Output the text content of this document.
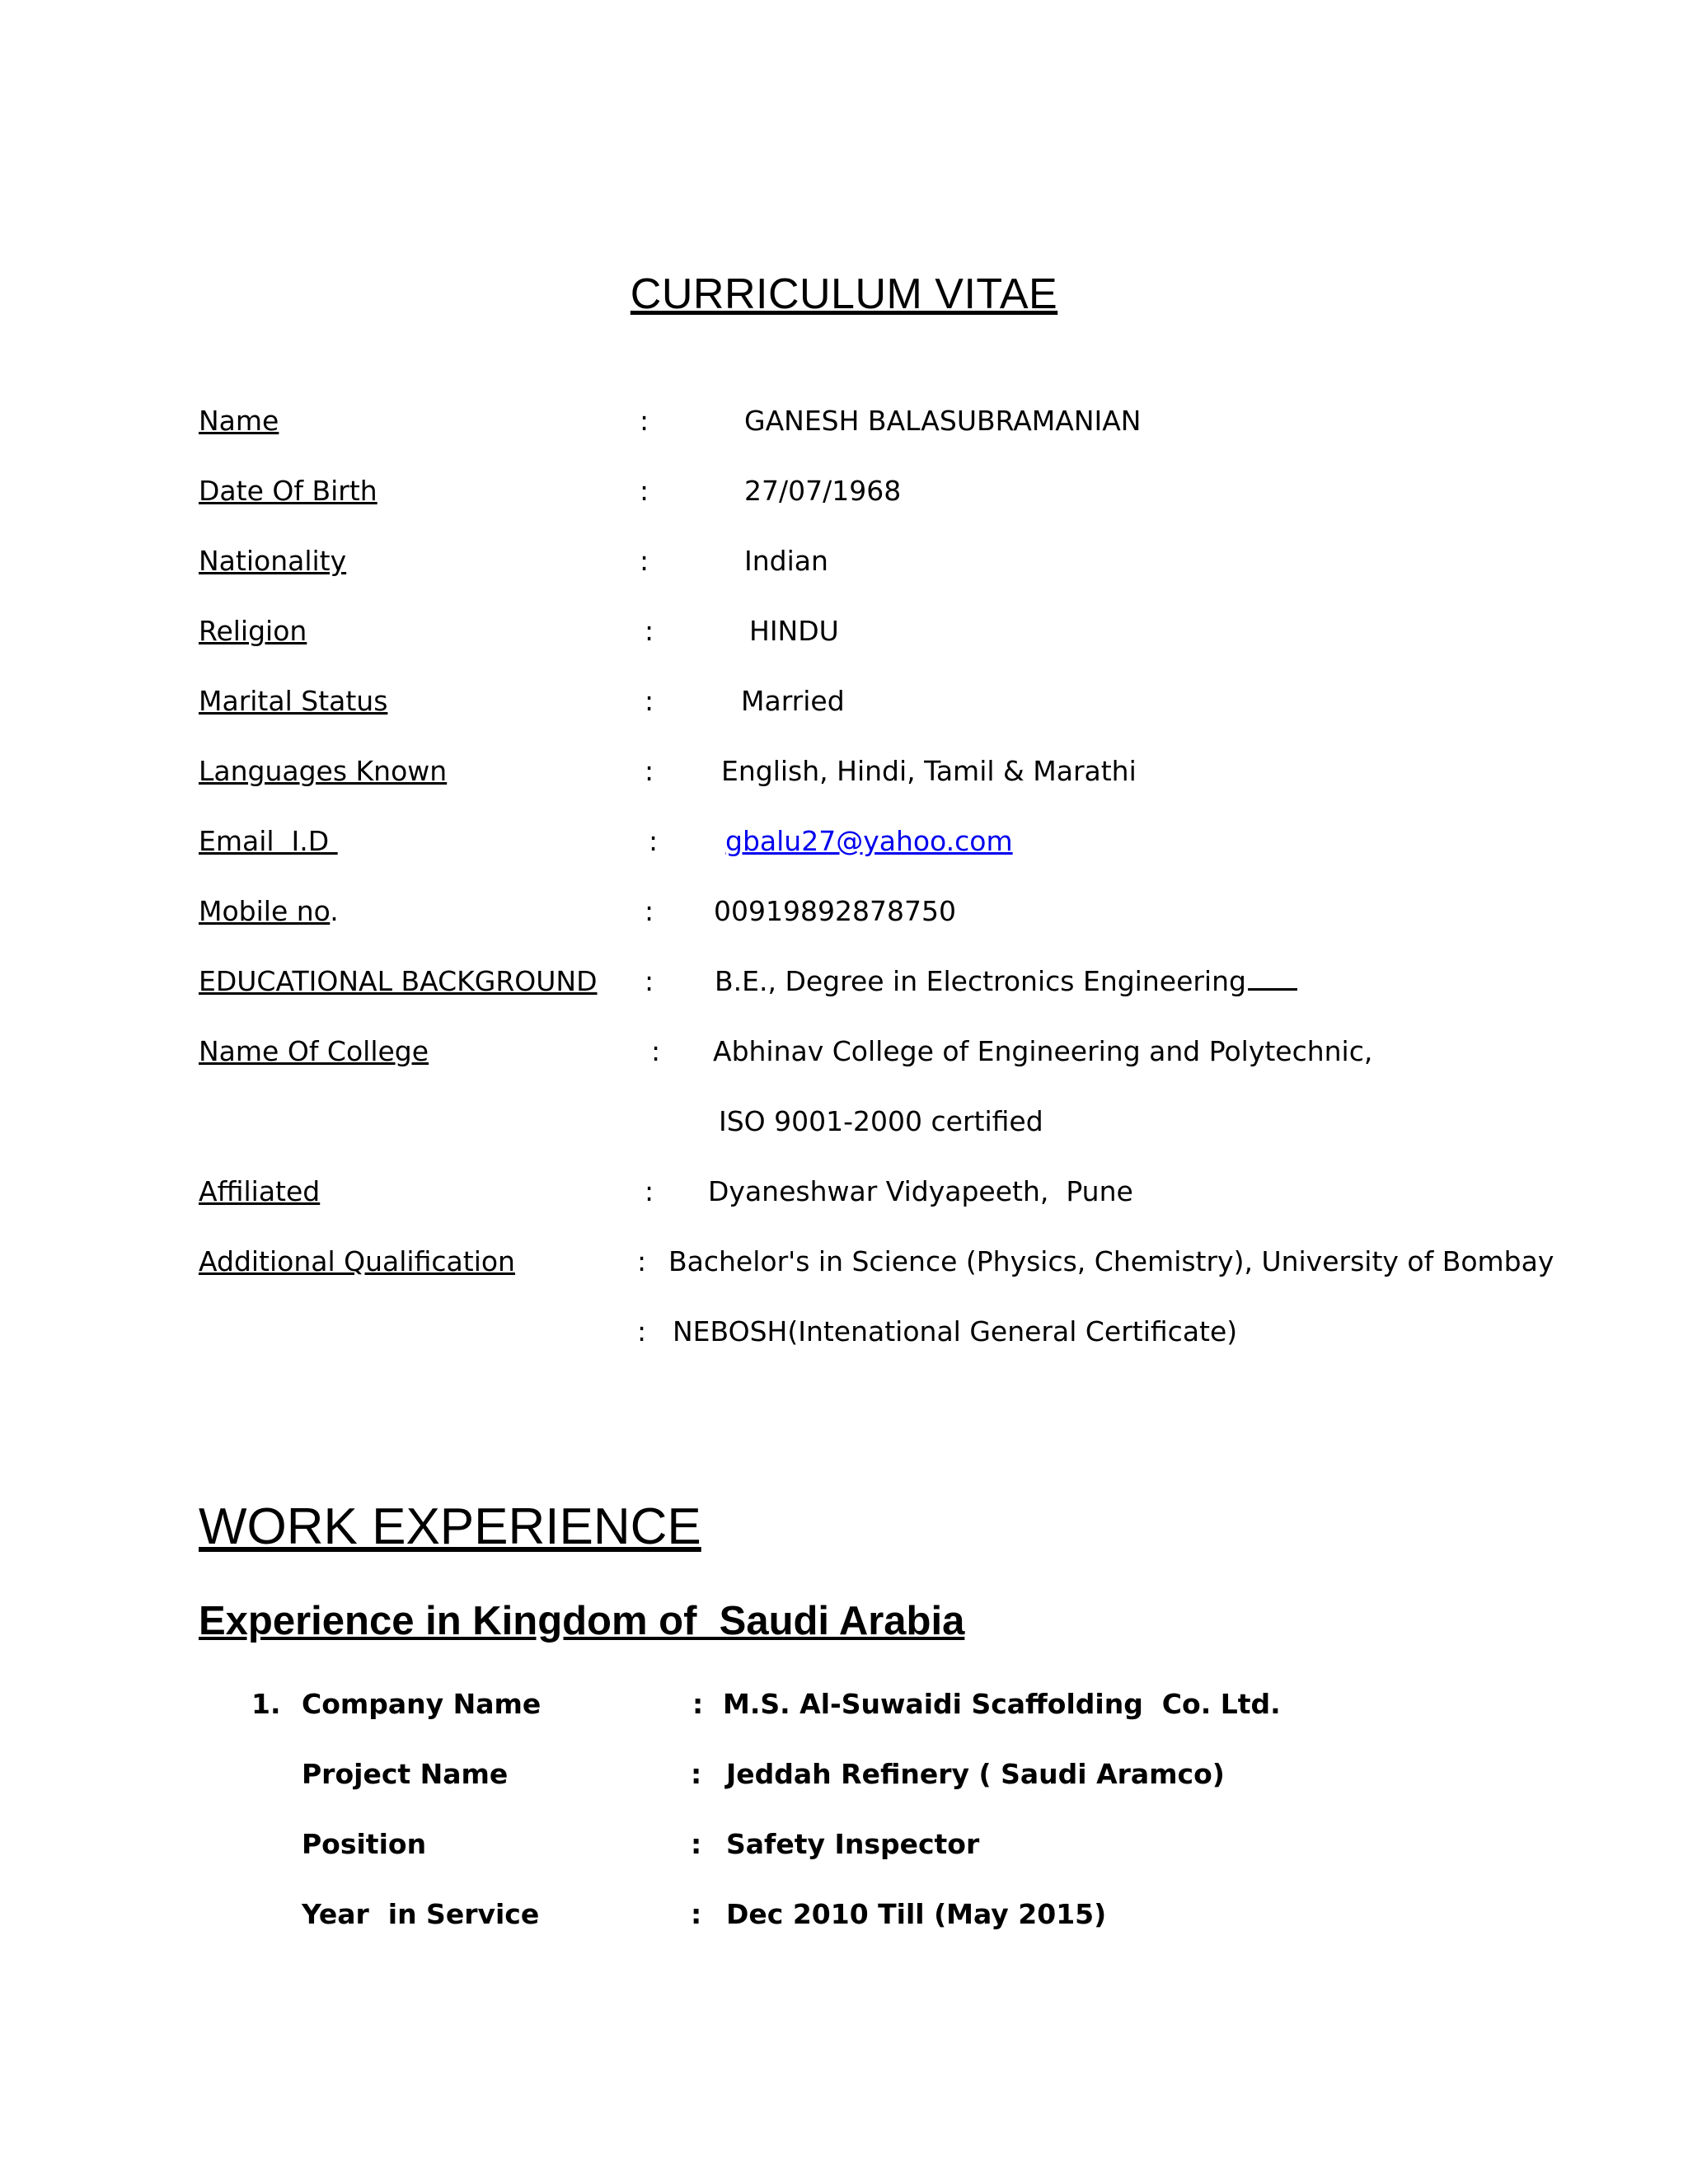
CURRICULUM VITAE
Name	:	GANESH BALASUBRAMANIAN
Date Of Birth	:	27/07/1968
Nationality	:	Indian
Religion	:	HINDU
Marital Status	:	Married
Languages Known	: English, Hindi, Tamil & Marathi
Email  I.D	: gbalu27@yahoo.com
Mobile no.	: 00919892878750
EDUCATIONAL BACKGROUND : B.E., Degree in Electronics Engineering
Name Of College	: Abhinav College of Engineering and Polytechnic,
ISO 9001-2000 certified
Affiliated	: Dyaneshwar Vidyapeeth,  Pune
Additional Qualification	: Bachelor's in Science (Physics, Chemistry), University of Bombay
: NEBOSH(Intenational General Certificate)
WORK EXPERIENCE
Experience in Kingdom of  Saudi Arabia
1. Company Name	: M.S. Al-Suwaidi Scaffolding  Co. Ltd.
Project Name	: Jeddah Refinery ( Saudi Aramco)
Position	: Safety Inspector
Year  in Service	: Dec 2010 Till (May 2015)
